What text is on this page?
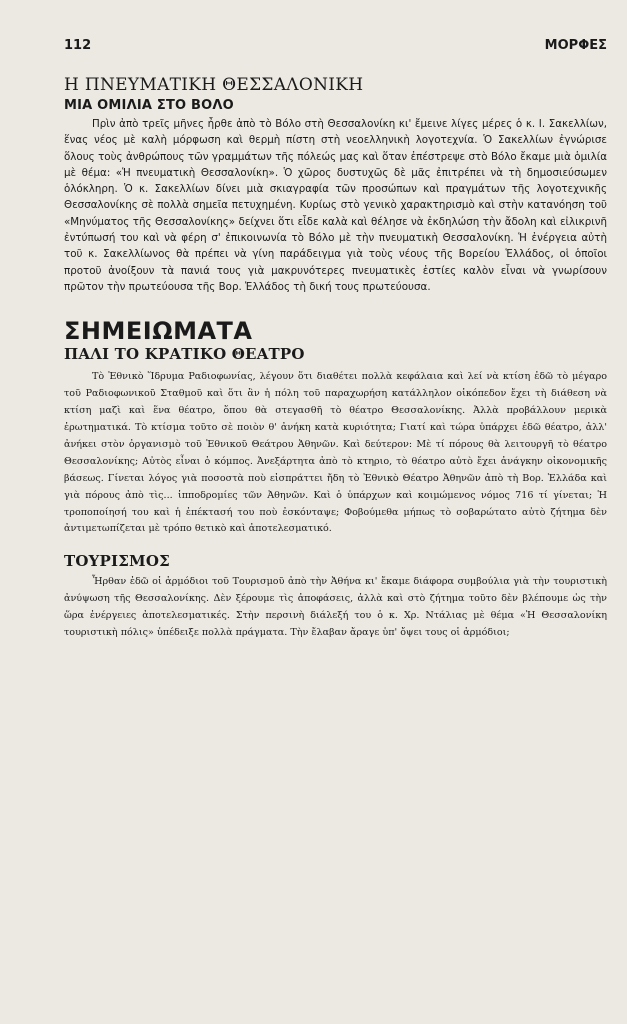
112	ΜΟΡΦΕΣ
Η ΠΝΕΥΜΑΤΙΚΗ ΘΕΣΣΑΛΟΝΙΚΗ
ΜΙΑ ΟΜΙΛΙΑ ΣΤΟ ΒΟΛΟ

Πρὶν ἀπὸ τρεῖς μῆνες ἦρθε ἀπὸ τὸ Βόλο στὴ Θεσσαλονίκη κι' ἔμεινε λίγες μέρες ὁ κ. Ι. Σακελλίων, ἕνας νέος μὲ καλὴ μόρφωση καὶ θερμὴ πίστη στὴ νεοελληνικὴ λογοτεχνία. Ὁ Σακελλίων ἐγνώρισε ὅλους τοὺς ἀνθρώπους τῶν γραμμάτων τῆς πόλεώς μας καὶ ὅταν ἐπέστρεψε στὸ Βόλο ἔκαμε μιὰ ὁμιλία μὲ θέμα: «Ἡ πνευματικὴ Θεσσαλονίκη». Ὁ χῶρος δυστυχῶς δὲ μᾶς ἐπιτρέπει νὰ τὴ δημοσιεύσωμεν ὁλόκληρη. Ὁ κ. Σακελλίων δίνει μιὰ σκιαγραφία τῶν προσώπων καὶ πραγμάτων τῆς λογοτεχνικῆς Θεσσαλονίκης σὲ πολλὰ σημεῖα πετυχημένη. Κυρίως στὸ γενικὸ χαρακτηρισμὸ καὶ στὴν κατανόηση τοῦ «Μηνύματος τῆς Θεσσαλονίκης» δείχνει ὅτι εἶδε καλὰ καὶ θέλησε νὰ ἐκδηλώση τὴν ἄδολη καὶ εἰλικρινῆ ἐντύπωσή του καὶ νὰ φέρη σ' ἐπικοινωνία τὸ Βόλο μὲ τὴν πνευματικὴ Θεσσαλονίκη. Ἡ ἐνέργεια αὐτὴ τοῦ κ. Σακελλίωνος θὰ πρέπει νὰ γίνη παράδειγμα γιὰ τοὺς νέους τῆς Βορείου Ἑλλάδος, οἱ ὁποῖοι προτοῦ ἀνοίξουν τὰ πανιά τους γιὰ μακρυνότερες πνευματικὲς ἑστίες καλὸν εἶναι νὰ γνωρίσουν πρῶτον τὴν πρωτεύουσα τῆς Βορ. Ἑλλάδος τὴ δική τους πρωτεύουσα.

ΣΗΜΕΙΩΜΑΤΑ
ΠΑΛΙ ΤΟ ΚΡΑΤΙΚΟ ΘΕΑΤΡΟ

Τὸ Ἐθνικὸ Ἵδρυμα Ραδιοφωνίας, λέγουν ὅτι διαθέτει πολλὰ κεφάλαια καὶ λεί νὰ κτίση ἐδῶ τὸ μέγαρο τοῦ Ραδιοφωνικοῦ Σταθμοῦ καὶ ὅτι ἂν ἡ πόλη τοῦ παραχωρήση κατάλληλον οἰκόπεδον ἔχει τὴ διάθεση νὰ κτίση μαζὶ καὶ ἕνα θέατρο, ὅπου θὰ στεγασθῆ τὸ θέατρο Θεσσαλονίκης. Ἀλλὰ προβάλλουν μερικὰ ἐρωτηματικά. Τὸ κτίσμα τοῦτο σὲ ποιὸν θ' ἀνήκη κατὰ κυριότητα; Γιατί καὶ τώρα ὑπάρχει ἐδῶ θέατρο, ἀλλ' ἀνήκει στὸν ὀργανισμὸ τοῦ Ἐθνικοῦ Θεάτρου Ἀθηνῶν. Καὶ δεύτερον: Μὲ τί πόρους θὰ λειτουργῆ τὸ θέατρο Θεσσαλονίκης; Αὐτὸς εἶναι ὁ κόμπος. Ἀνεξάρτητα ἀπὸ τὸ κτηριο, τὸ θέατρο αὐτὸ ἔχει ἀνάγκην οἰκονομικῆς βάσεως. Γίνεται λόγος γιὰ ποσοστὰ ποὺ εἰσπράττει ἤδη τὸ Ἐθνικὸ Θέατρο Ἀθηνῶν ἀπὸ τὴ Βορ. Ἑλλάδα καὶ γιὰ πόρους ἀπὸ τὶς... ἱπποδρομίες τῶν Ἀθηνῶν. Καὶ ὁ ὑπάρχων καὶ κοιμώμενος νόμος 716 τί γίνεται; Ἡ τροποποίησή του καὶ ἡ ἐπέκτασή του ποὺ ἐσκόνταψε; Φοβούμεθα μήπως τὸ σοβαρώτατο αὐτὸ ζήτημα δὲν ἀντιμετωπίζεται μὲ τρόπο θετικὸ καὶ ἀποτελεσματικό.

ΤΟΥΡΙΣΜΟΣ

Ἦρθαν ἐδῶ οἱ ἁρμόδιοι τοῦ Τουρισμοῦ ἀπὸ τὴν Ἀθήνα κι' ἔκαμε διάφορα συμβούλια γιὰ τὴν τουριστικὴ ἀνύψωση τῆς Θεσσαλονίκης. Δὲν ξέρουμε τὶς ἀποφάσεις, ἀλλὰ καὶ στὸ ζήτημα τοῦτο δὲν βλέπουμε ὡς τὴν ὥρα ἐνέργειες ἀποτελεσματικές. Στὴν περσινὴ διάλεξή του ὁ κ. Χρ. Ντάλιας μὲ θέμα «Ἡ Θεσσαλονίκη τουριστικὴ πόλις» ὑπέδειξε πολλὰ πράγματα. Τὴν ἔλαβαν ἄραγε ὑπ' ὄψει τους οἱ ἁρμόδιοι;
